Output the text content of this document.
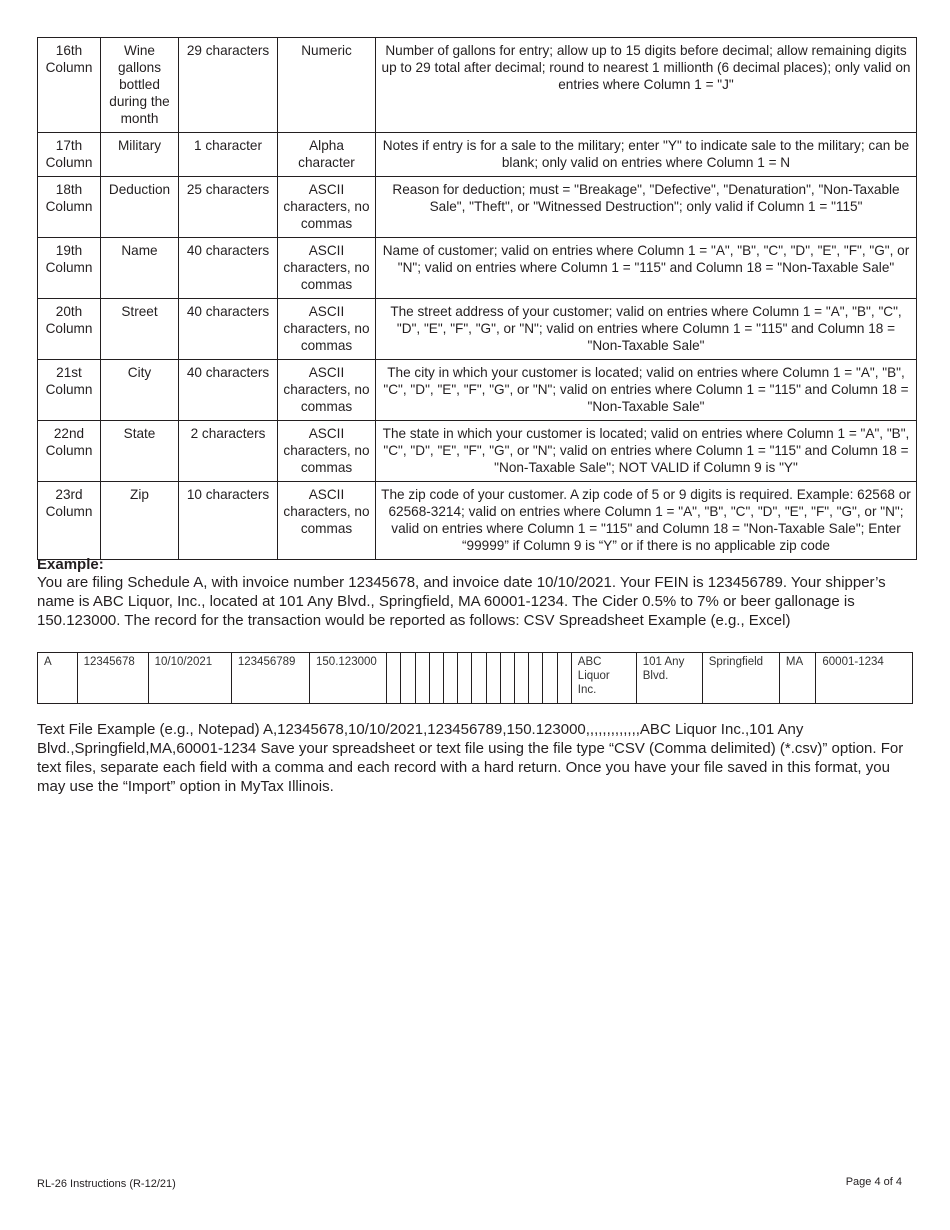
16th Column	Wine gallons bottled during the month	29 characters	Numeric	Number of gallons for entry; allow up to 15 digits before decimal; allow remaining digits up to 29 total after decimal; round to nearest 1 millionth (6 decimal places); only valid on entries where Column 1 = "J"
17th Column	Military	1 character	Alpha character	Notes if entry is for a sale to the military; enter "Y" to indicate sale to the military; can be blank; only valid on entries where Column 1 = N
18th Column	Deduction	25 characters	ASCII characters, no commas	Reason for deduction; must = "Breakage", "Defective", "Denaturation", "Non-Taxable Sale", "Theft", or "Witnessed Destruction"; only valid if Column 1 = "115"
19th Column	Name	40 characters	ASCII characters, no commas	Name of customer; valid on entries where Column 1 = "A", "B", "C", "D", "E", "F", "G", or "N"; valid on entries where Column 1 = "115" and Column 18 = "Non-Taxable Sale"
20th Column	Street	40 characters	ASCII characters, no commas	The street address of your customer; valid on entries where Column 1 = "A", "B", "C", "D", "E", "F", "G", or "N"; valid on entries where Column 1 = "115" and Column 18 = "Non-Taxable Sale"
21st Column	City	40 characters	ASCII characters, no commas	The city in which your customer is located; valid on entries where Column 1 = "A", "B", "C", "D", "E", "F", "G", or "N"; valid on entries where Column 1 = "115" and Column 18 = "Non-Taxable Sale"
22nd Column	State	2 characters	ASCII characters, no commas	The state in which your customer is located; valid on entries where Column 1 = "A", "B", "C", "D", "E", "F", "G", or "N"; valid on entries where Column 1 = "115" and Column 18 = "Non-Taxable Sale"; NOT VALID if Column 9 is "Y"
23rd Column	Zip	10 characters	ASCII characters, no commas	The zip code of your customer. A zip code of 5 or 9 digits is required. Example: 62568 or 62568-3214; valid on entries where Column 1 = "A", "B", "C", "D", "E", "F", "G", or "N"; valid on entries where Column 1 = "115" and Column 18 = "Non-Taxable Sale"; Enter “99999” if Column 9 is “Y” or if there is no applicable zip code
Example:
You are filing Schedule A, with invoice number 12345678, and invoice date 10/10/2021. Your FEIN is 123456789. Your shipper’s name is ABC Liquor, Inc., located at 101 Any Blvd., Springfield, MA 60001-1234. The Cider 0.5% to 7% or beer gallonage is 150.123000. The record for the transaction would be reported as follows: CSV Spreadsheet Example (e.g., Excel)
A	12345678	10/10/2021	123456789	150.123000														ABC Liquor Inc.	101 Any Blvd.	Springfield	MA	60001-1234
Text File Example (e.g., Notepad) A,12345678,10/10/2021,123456789,150.123000,,,,,,,,,,,,,ABC Liquor Inc.,101 Any Blvd.,Springfield,MA,60001-1234 Save your spreadsheet or text file using the file type “CSV (Comma delimited) (*.csv)” option. For text files, separate each field with a comma and each record with a hard return. Once you have your file saved in this format, you may use the “Import” option in MyTax Illinois.
RL-26 Instructions (R-12/21)	Page 4 of 4
